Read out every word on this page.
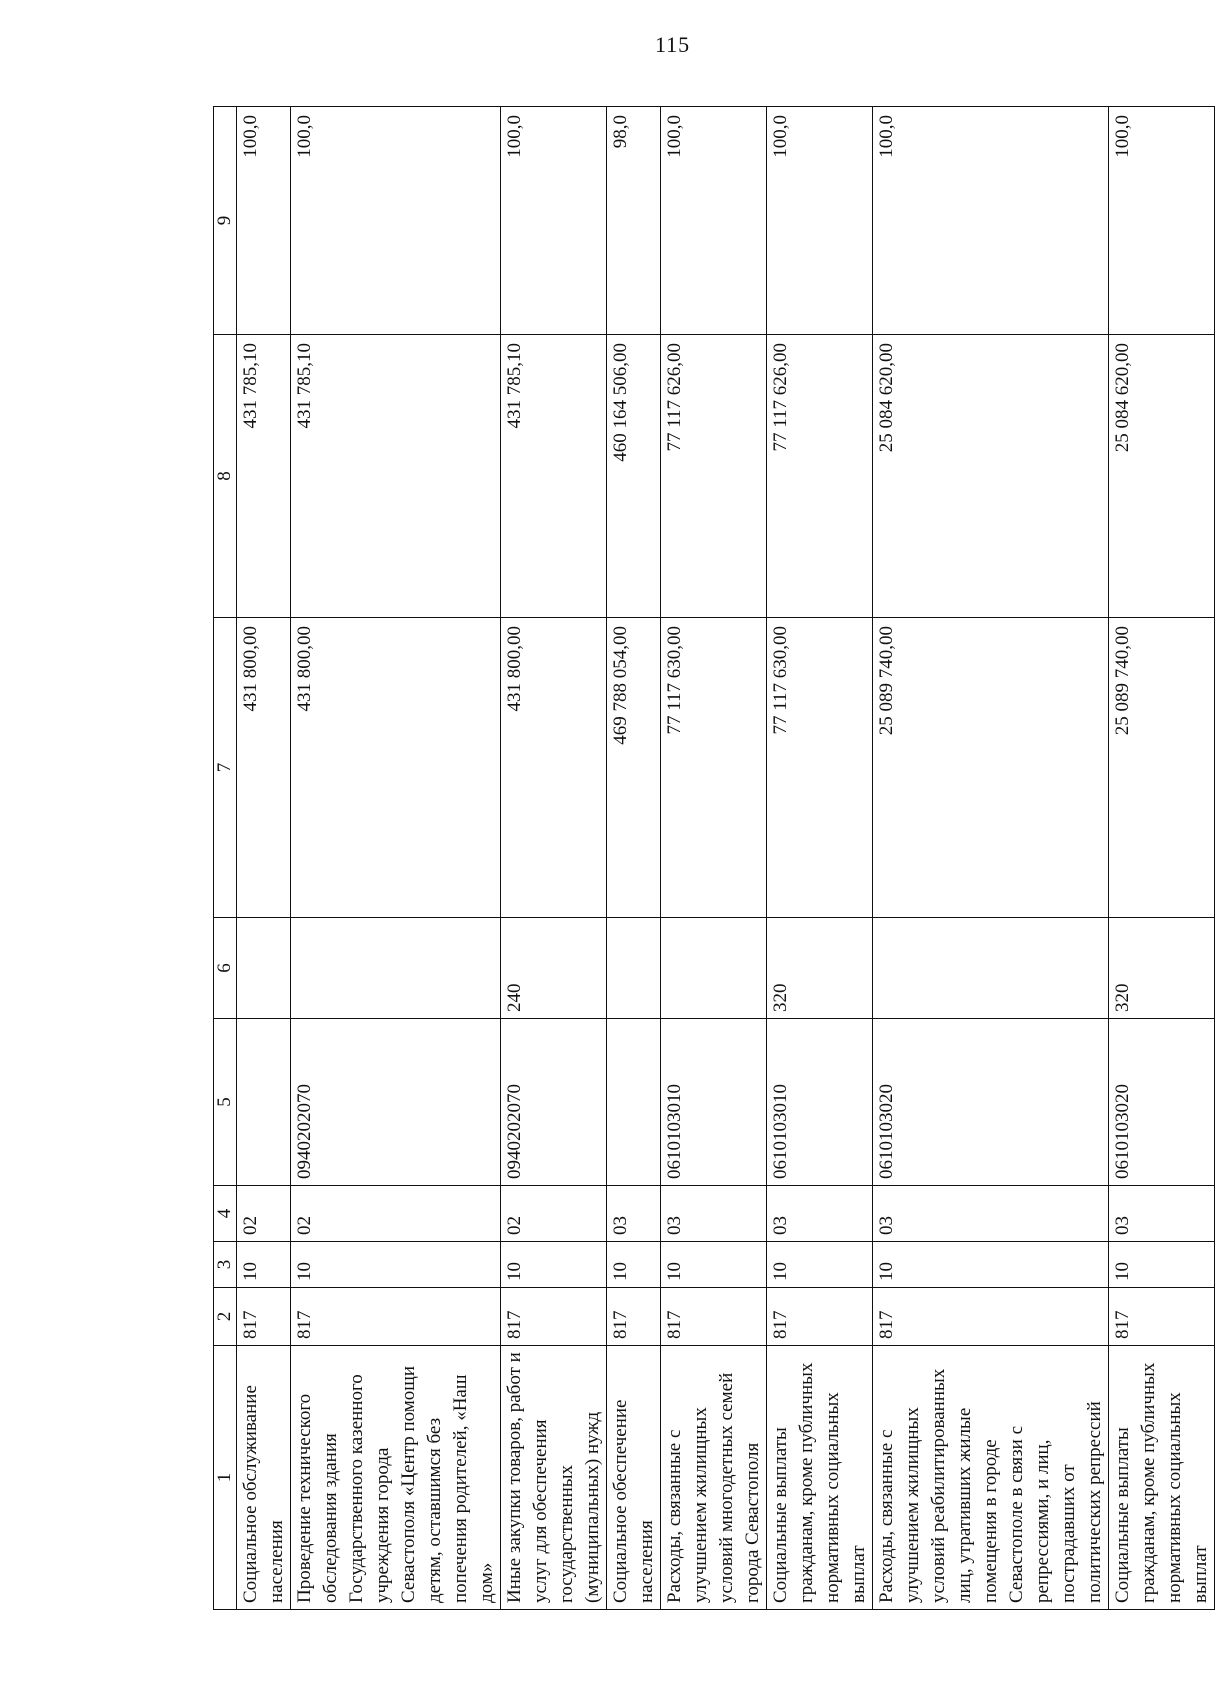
115
1	2	3	4	5	6	7	8	9
Социальное обслуживание населения	817	10	02			431 800,00	431 785,10	100,0
Проведение технического обследования здания Государственного казенного учреждения города Севастополя «Центр помощи детям, оставшимся без попечения родителей, «Наш дом»	817	10	02	0940202070		431 800,00	431 785,10	100,0
Иные закупки товаров, работ и услуг для обеспечения государственных (муниципальных) нужд	817	10	02	0940202070	240	431 800,00	431 785,10	100,0
Социальное обеспечение населения	817	10	03			469 788 054,00	460 164 506,00	98,0
Расходы, связанные с улучшением жилищных условий многодетных семей города Севастополя	817	10	03	0610103010		77 117 630,00	77 117 626,00	100,0
Социальные выплаты гражданам, кроме публичных нормативных социальных выплат	817	10	03	0610103010	320	77 117 630,00	77 117 626,00	100,0
Расходы, связанные с улучшением жилищных условий реабилитированных лиц, утративших жилые помещения в городе Севастополе в связи с репрессиями, и лиц, пострадавших от политических репрессий	817	10	03	0610103020		25 089 740,00	25 084 620,00	100,0
Социальные выплаты гражданам, кроме публичных нормативных социальных выплат	817	10	03	0610103020	320	25 089 740,00	25 084 620,00	100,0
